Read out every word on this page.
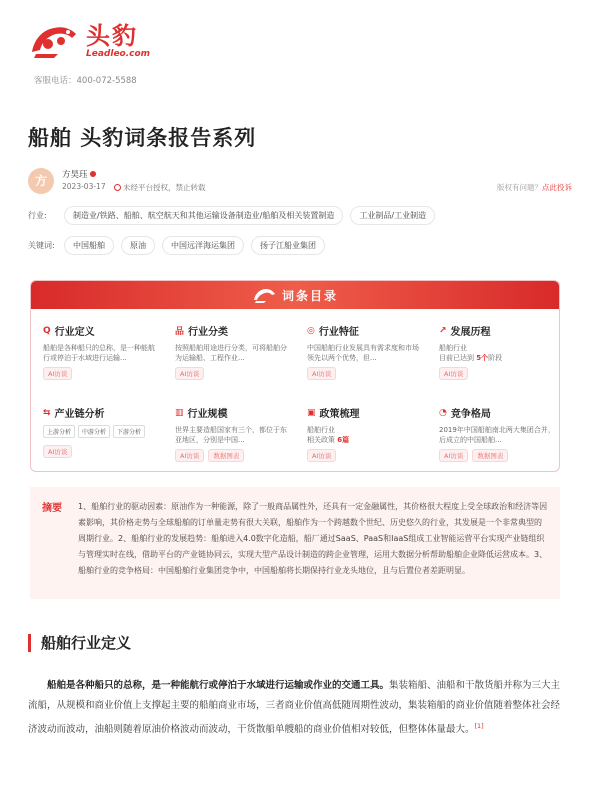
头豹
Leadleo.com
客服电话：400-072-5588
船舶 头豹词条报告系列
方	方昊珏
2023-03-17	未经平台授权，禁止转载	版权有问题？点此投诉
行业:	制造业/铁路、船舶、航空航天和其他运输设备制造业/船舶及相关装置制造	工业制品/工业制造
关键词:	中国船舶	原油	中国远洋海运集团	扬子江船业集团
词条目录
Q 行业定义
船舶是各种船只的总称，是一种能航行或停泊于水域进行运输...
AI访谈
品 行业分类
按照船舶用途进行分类，可将船舶分为运输船、工程作业...
AI访谈
◎ 行业特征
中国船舶行业发展具有需求度和市场领先以两个优势，但...
AI访谈
↗ 发展历程
船舶行业
目前已达到 5个阶段
AI访谈
⇆ 产业链分析
上游分析	中游分析	下游分析
AI访谈
▥ 行业规模
世界主要造船国家有三个，都位于东亚地区，分别是中国...
AI访谈	数据图表
▣ 政策梳理
船舶行业
相关政策 6篇
AI访谈
◔ 竞争格局
2019年中国船舶南北两大集团合并，后成立的中国船舶...
AI访谈	数据图表
摘要 1、船舶行业的驱动因素：原油作为一种能源，除了一般商品属性外，还具有一定金融属性，其价格很大程度上受全球政治和经济等因素影响，其价格走势与全球船舶的订单量走势有很大关联，船舶作为一个跨越数个世纪、历史悠久的行业，其发展是一个非常典型的周期行业。2、船舶行业的发展趋势：船舶进入4.0数字化造船，船厂通过SaaS、PaaS和IaaS组成工业智能运营平台实现产业链组织与管理实时在线，借助平台的产业链协同云，实现大型产品设计制造的跨企业管理，运用大数据分析帮助船舶企业降低运营成本。3、船舶行业的竞争格局：中国船舶行业集团竞争中，中国船舶将长期保持行业龙头地位，且与后置位者差距明显。
船舶行业定义
船舶是各种船只的总称，是一种能航行或停泊于水域进行运输或作业的交通工具。集装箱船、油船和干散货船并称为三大主流船，从规模和商业价值上支撑起主要的船舶商业市场，三者商业价值高低随周期性波动，集装箱船的商业价值随着整体社会经济波动而波动，油船则随着原油价格波动而波动，干货散船单艘船的商业价值相对较低，但整体体量最大。[1]
